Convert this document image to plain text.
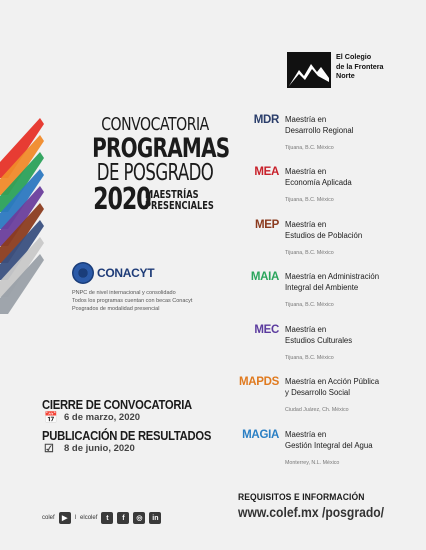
El Colegio
de la Frontera
Norte
CONVOCATORIA
PROGRAMAS
DE POSGRADO
2020
MAESTRÍAS
PRESENCIALES
CONACYT
PNPC de nivel internacional y consolidado
Todos los programas cuentan con becas Conacyt
Posgrados de modalidad presencial
MDR Maestría en
Desarrollo Regional
Tijuana, B.C. México
MEA Maestría en
Economía Aplicada
Tijuana, B.C. México
MEP Maestría en
Estudios de Población
Tijuana, B.C. México
MAIA Maestría en Administración
Integral del Ambiente
Tijuana, B.C. México
MEC Maestría en
Estudios Culturales
Tijuana, B.C. México
MAPDS Maestría en Acción Pública
y Desarrollo Social
Ciudad Juárez, Ch. México
MAGIA Maestría en
Gestión Integral del Agua
Monterrey, N.L. México
CIERRE DE CONVOCATORIA
📅 6 de marzo, 2020
PUBLICACIÓN DE RESULTADOS
☑ 8 de junio, 2020
colef	▶	l elcolef	t	f	◎	in
REQUISITOS E INFORMACIÓN
www.colef.mx /posgrado/
